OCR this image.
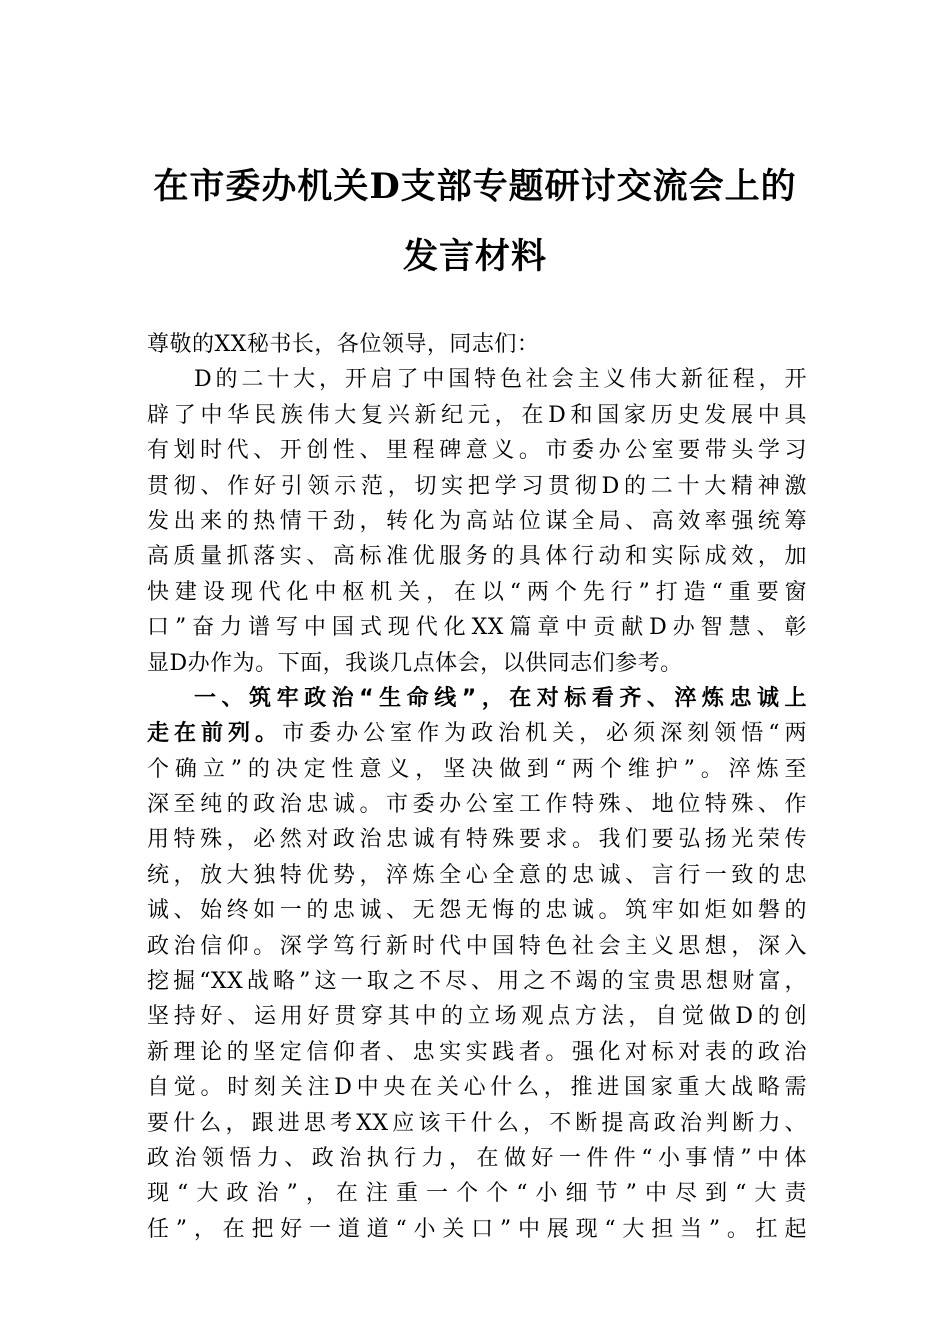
在市委办机关D支部专题研讨交流会上的
发言材料
尊敬的XX秘书长，各位领导，同志们：
D的二十大，开启了中国特色社会主义伟大新征程，开
辟了中华民族伟大复兴新纪元，在D和国家历史发展中具
有划时代、开创性、里程碑意义。市委办公室要带头学习
贯彻、作好引领示范，切实把学习贯彻D的二十大精神激
发出来的热情干劲，转化为高站位谋全局、高效率强统筹
高质量抓落实、高标准优服务的具体行动和实际成效，加
快建设现代化中枢机关，在以“两个先行”打造“重要窗
口”奋力谱写中国式现代化XX篇章中贡献D办智慧、彰
显D办作为。下面，我谈几点体会，以供同志们参考。
一、筑牢政治“生命线”，在对标看齐、淬炼忠诚上
走在前列。市委办公室作为政治机关，必须深刻领悟“两
个确立”的决定性意义，坚决做到“两个维护”。淬炼至
深至纯的政治忠诚。市委办公室工作特殊、地位特殊、作
用特殊，必然对政治忠诚有特殊要求。我们要弘扬光荣传
统，放大独特优势，淬炼全心全意的忠诚、言行一致的忠
诚、始终如一的忠诚、无怨无悔的忠诚。筑牢如炬如磐的
政治信仰。深学笃行新时代中国特色社会主义思想，深入
挖掘“XX战略”这一取之不尽、用之不竭的宝贵思想财富，
坚持好、运用好贯穿其中的立场观点方法，自觉做D的创
新理论的坚定信仰者、忠实实践者。强化对标对表的政治
自觉。时刻关注D中央在关心什么，推进国家重大战略需
要什么，跟进思考XX应该干什么，不断提高政治判断力、
政治领悟力、政治执行力，在做好一件件“小事情”中体
现“大政治”，在注重一个个“小细节”中尽到“大责
任”，在把好一道道“小关口”中展现“大担当”。扛起
